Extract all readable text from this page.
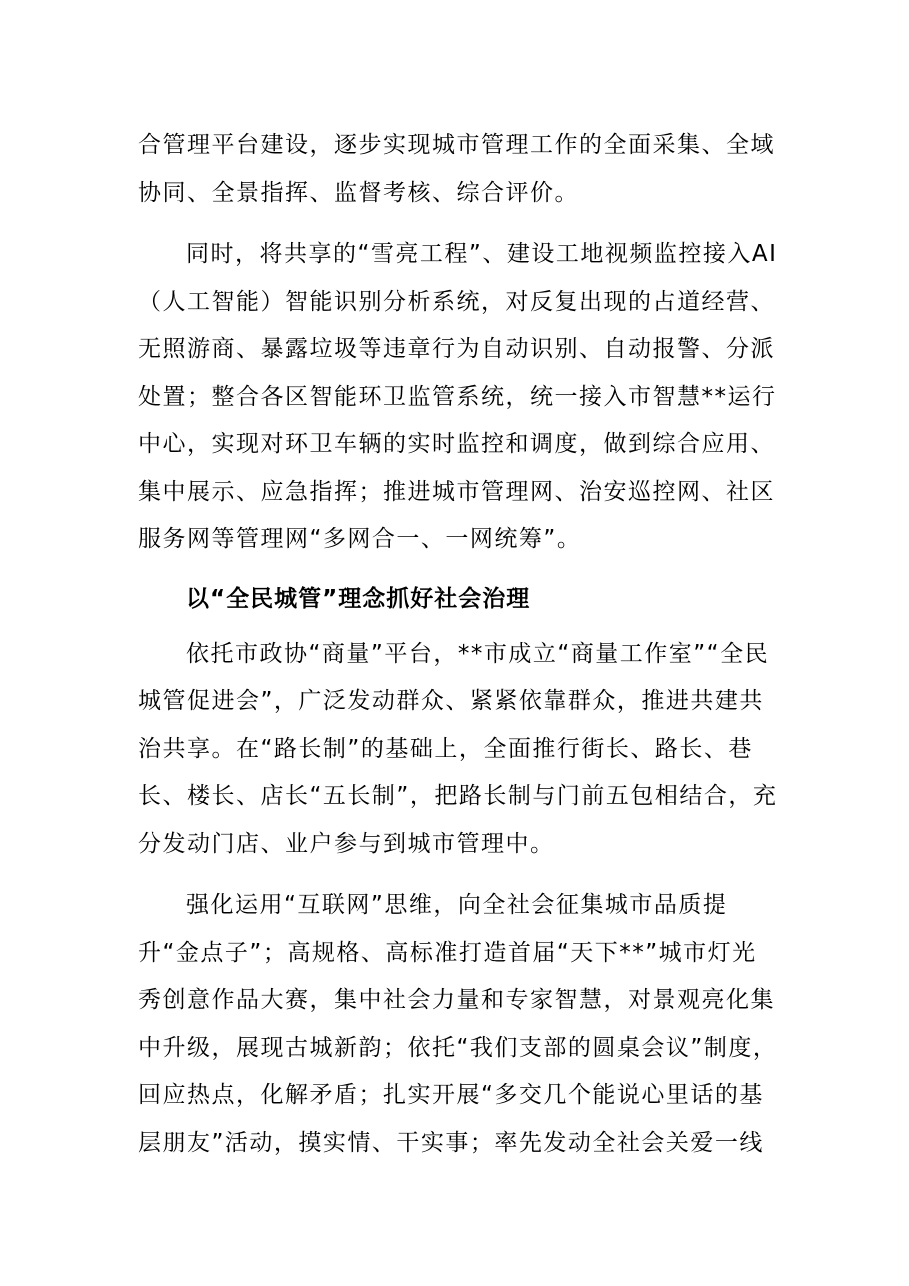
合管理平台建设，逐步实现城市管理工作的全面采集、全域协同、全景指挥、监督考核、综合评价。

同时，将共享的“雪亮工程”、建设工地视频监控接入AI（人工智能）智能识别分析系统，对反复出现的占道经营、无照游商、暴露垃圾等违章行为自动识别、自动报警、分派处置；整合各区智能环卫监管系统，统一接入市智慧**运行中心，实现对环卫车辆的实时监控和调度，做到综合应用、集中展示、应急指挥；推进城市管理网、治安巡控网、社区服务网等管理网“多网合一、一网统筹”。

以“全民城管”理念抓好社会治理

依托市政协“商量”平台，**市成立“商量工作室”“全民城管促进会”，广泛发动群众、紧紧依靠群众，推进共建共治共享。在“路长制”的基础上，全面推行街长、路长、巷长、楼长、店长“五长制”，把路长制与门前五包相结合，充分发动门店、业户参与到城市管理中。

强化运用“互联网”思维，向全社会征集城市品质提升“金点子”；高规格、高标准打造首届“天下**”城市灯光秀创意作品大赛，集中社会力量和专家智慧，对景观亮化集中升级，展现古城新韵；依托“我们支部的圆桌会议”制度，回应热点，化解矛盾；扎实开展“多交几个能说心里话的基层朋友”活动，摸实情、干实事；率先发动全社会关爱一线
